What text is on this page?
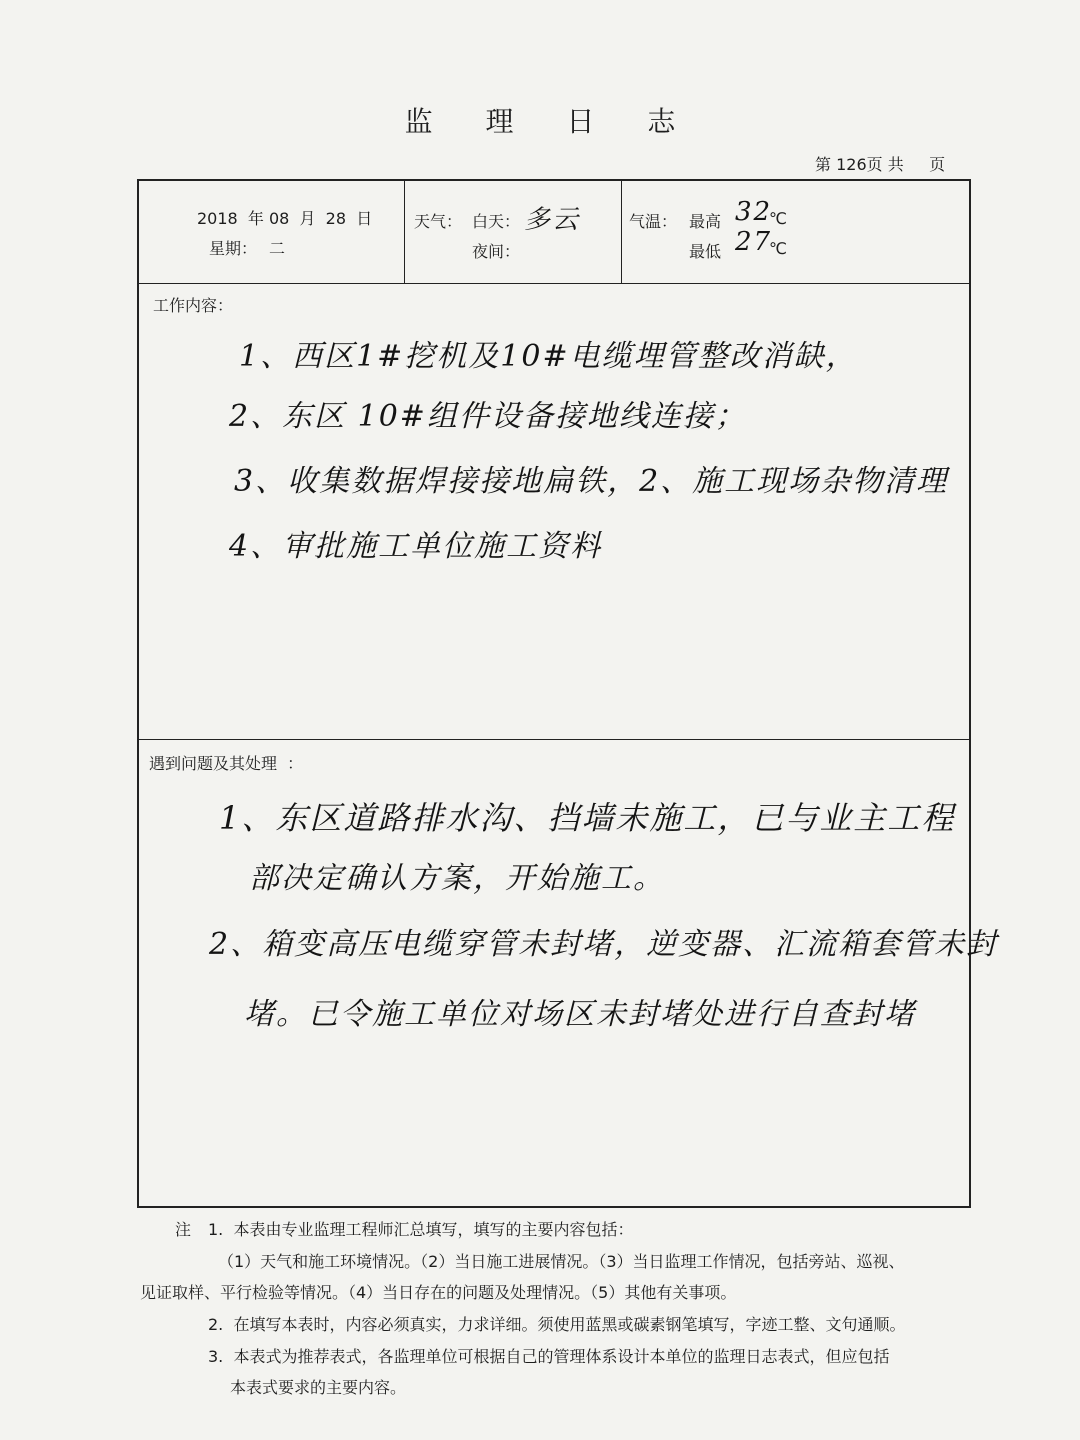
监 理 日 志
第 126页 共     页
2018  年 08  月  28  日
星期： 二
天气： 白天： 多云
夜间：
气温： 最高 32
℃
最低 27
℃
工作内容：
1、西区1#挖机及10#电缆埋管整改消缺，
2、东区 10#组件设备接地线连接；
3、收集数据焊接接地扁铁，2、施工现场杂物清理
4、审批施工单位施工资料
遇到问题及其处理  ：
1、东区道路排水沟、挡墙未施工，已与业主工程
部决定确认方案，开始施工。
2、箱变高压电缆穿管未封堵，逆变器、汇流箱套管未封
堵。已令施工单位对场区未封堵处进行自查封堵
注 1.  本表由专业监理工程师汇总填写，填写的主要内容包括：
（1）天气和施工环境情况。（2）当日施工进展情况。（3）当日监理工作情况，包括旁站、巡视、
见证取样、平行检验等情况。（4）当日存在的问题及处理情况。（5）其他有关事项。
2.  在填写本表时，内容必须真实，力求详细。须使用蓝黑或碳素钢笔填写，字迹工整、文句通顺。
3.  本表式为推荐表式，各监理单位可根据自己的管理体系设计本单位的监理日志表式，但应包括
本表式要求的主要内容。
